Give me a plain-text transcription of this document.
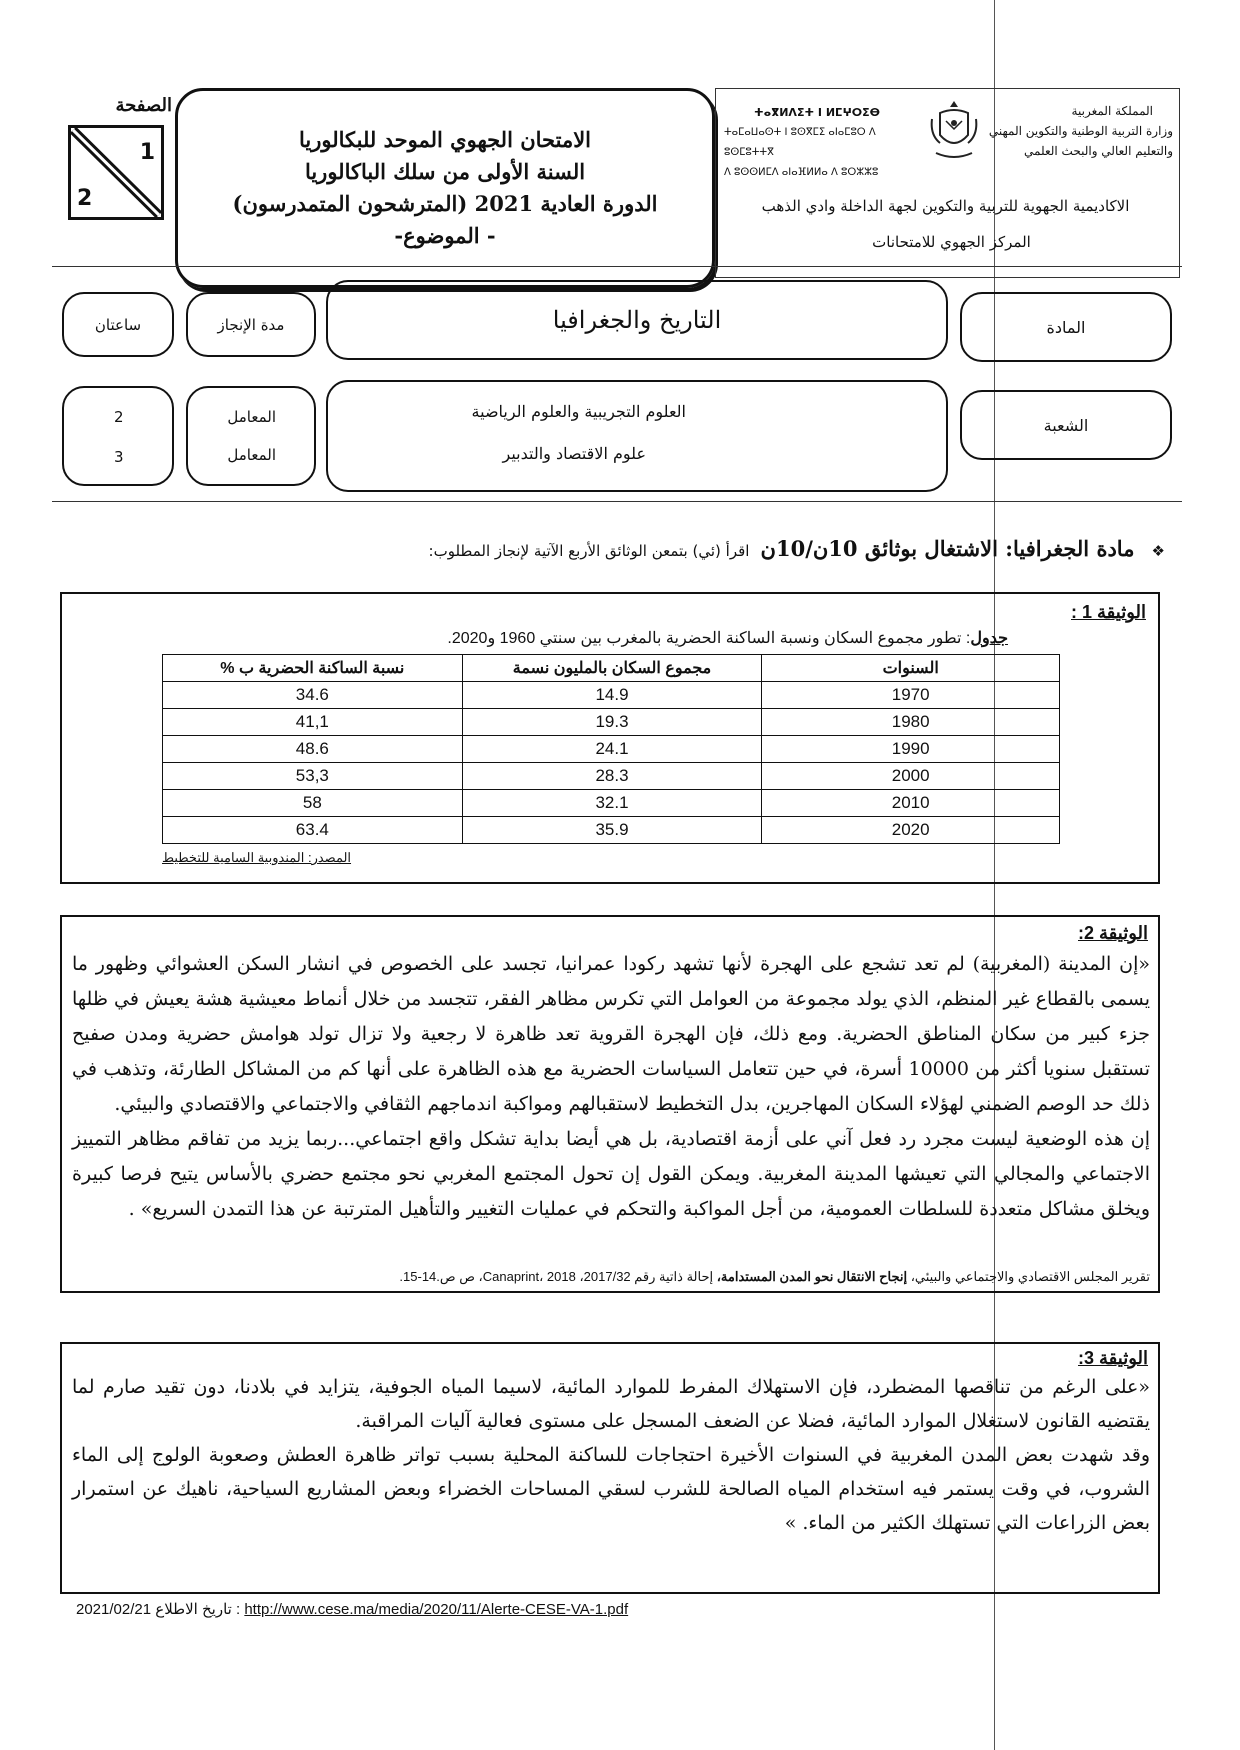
الصفحة
1
2
الامتحان الجهوي الموحد للبكالوريا
السنة الأولى من سلك الباكالوريا
الدورة العادية 2021 (المترشحون المتمدرسون)
- الموضوع-
ⵜⴰⴳⵍⴷⵉⵜ ⵏ ⵍⵎⵖⵔⵉⴱ
ⵜⴰⵎⴰⵡⴰⵙⵜ ⵏ ⵓⵙⴳⵎⵉ ⴰⵏⴰⵎⵓⵔ ⴷ ⵓⵙⵎⵓⵜⵜⴳ
ⴷ ⵓⵙⵙⵍⵎⴷ ⴰⵏⴰⴼⵍⵍⴰ ⴷ ⵓⵔⵣⵣⵓ
المملكة المغربية
وزارة التربية الوطنية والتكوين المهني
والتعليم العالي والبحث العلمي
الاكاديمية الجهوية للتربية والتكوين لجهة الداخلة وادي الذهب
المركز الجهوي للامتحانات
ساعتان	مدة الإنجاز	التاريخ والجغرافيا	المادة
2
3
المعامل
المعامل
العلوم التجريبية والعلوم الرياضية
علوم الاقتصاد والتدبير
الشعبة
❖ مادة الجغرافيا: الاشتغال بوثائق 10ن/10ن اقرأ (ئي) بتمعن الوثائق الأربع الآتية لإنجاز المطلوب:
الوثيقة 1 :
جدول: تطور مجموع السكان ونسبة الساكنة الحضرية بالمغرب بين سنتي 1960 و2020.
السنوات	مجموع السكان بالمليون نسمة	نسبة الساكنة الحضرية ب %
1970	14.9	34.6
1980	19.3	41,1
1990	24.1	48.6
2000	28.3	53,3
2010	32.1	58
2020	35.9	63.4
المصدر: المندوبية السامية للتخطيط
الوثيقة 2:

«إن المدينة (المغربية) لم تعد تشجع على الهجرة لأنها تشهد ركودا عمرانيا، تجسد على الخصوص في انشار السكن العشوائي وظهور ما يسمى بالقطاع غير المنظم، الذي يولد مجموعة من العوامل التي تكرس مظاهر الفقر، تتجسد من خلال أنماط معيشية هشة يعيش في ظلها جزء كبير من سكان المناطق الحضرية. ومع ذلك، فإن الهجرة القروية تعد ظاهرة لا رجعية ولا تزال تولد هوامش حضرية ومدن صفيح تستقبل سنويا أكثر من 10000 أسرة، في حين تتعامل السياسات الحضرية مع هذه الظاهرة على أنها كم من المشاكل الطارئة، وتذهب في ذلك حد الوصم الضمني لهؤلاء السكان المهاجرين، بدل التخطيط لاستقبالهم ومواكبة اندماجهم الثقافي والاجتماعي والاقتصادي والبيئي.

إن هذه الوضعية ليست مجرد رد فعل آني على أزمة اقتصادية، بل هي أيضا بداية تشكل واقع اجتماعي...ربما يزيد من تفاقم مظاهر التمييز الاجتماعي والمجالي التي تعيشها المدينة المغربية. ويمكن القول إن تحول المجتمع المغربي نحو مجتمع حضري بالأساس يتيح فرصا كبيرة ويخلق مشاكل متعددة للسلطات العمومية، من أجل المواكبة والتحكم في عمليات التغيير والتأهيل المترتبة عن هذا التمدن السريع» .

تقرير المجلس الاقتصادي والاجتماعي والبيئي، إنجاح الانتقال نحو المدن المستدامة، إحالة ذاتية رقم 2017/32، Canaprint، 2018، ص ص.14-15.
الوثيقة 3:

«على الرغم من تناقصها المضطرد، فإن الاستهلاك المفرط للموارد المائية، لاسيما المياه الجوفية، يتزايد في بلادنا، دون تقيد صارم لما يقتضيه القانون لاستغلال الموارد المائية، فضلا عن الضعف المسجل على مستوى فعالية آليات المراقبة.

وقد شهدت بعض المدن المغربية في السنوات الأخيرة احتجاجات للساكنة المحلية بسبب تواتر ظاهرة العطش وصعوبة الولوج إلى الماء الشروب، في وقت يستمر فيه استخدام المياه الصالحة للشرب لسقي المساحات الخضراء وبعض المشاريع السياحية، ناهيك عن استمرار بعض الزراعات التي تستهلك الكثير من الماء. »

2021/02/21 : تاريخ الاطلاع http://www.cese.ma/media/2020/11/Alerte-CESE-VA-1.pdf
